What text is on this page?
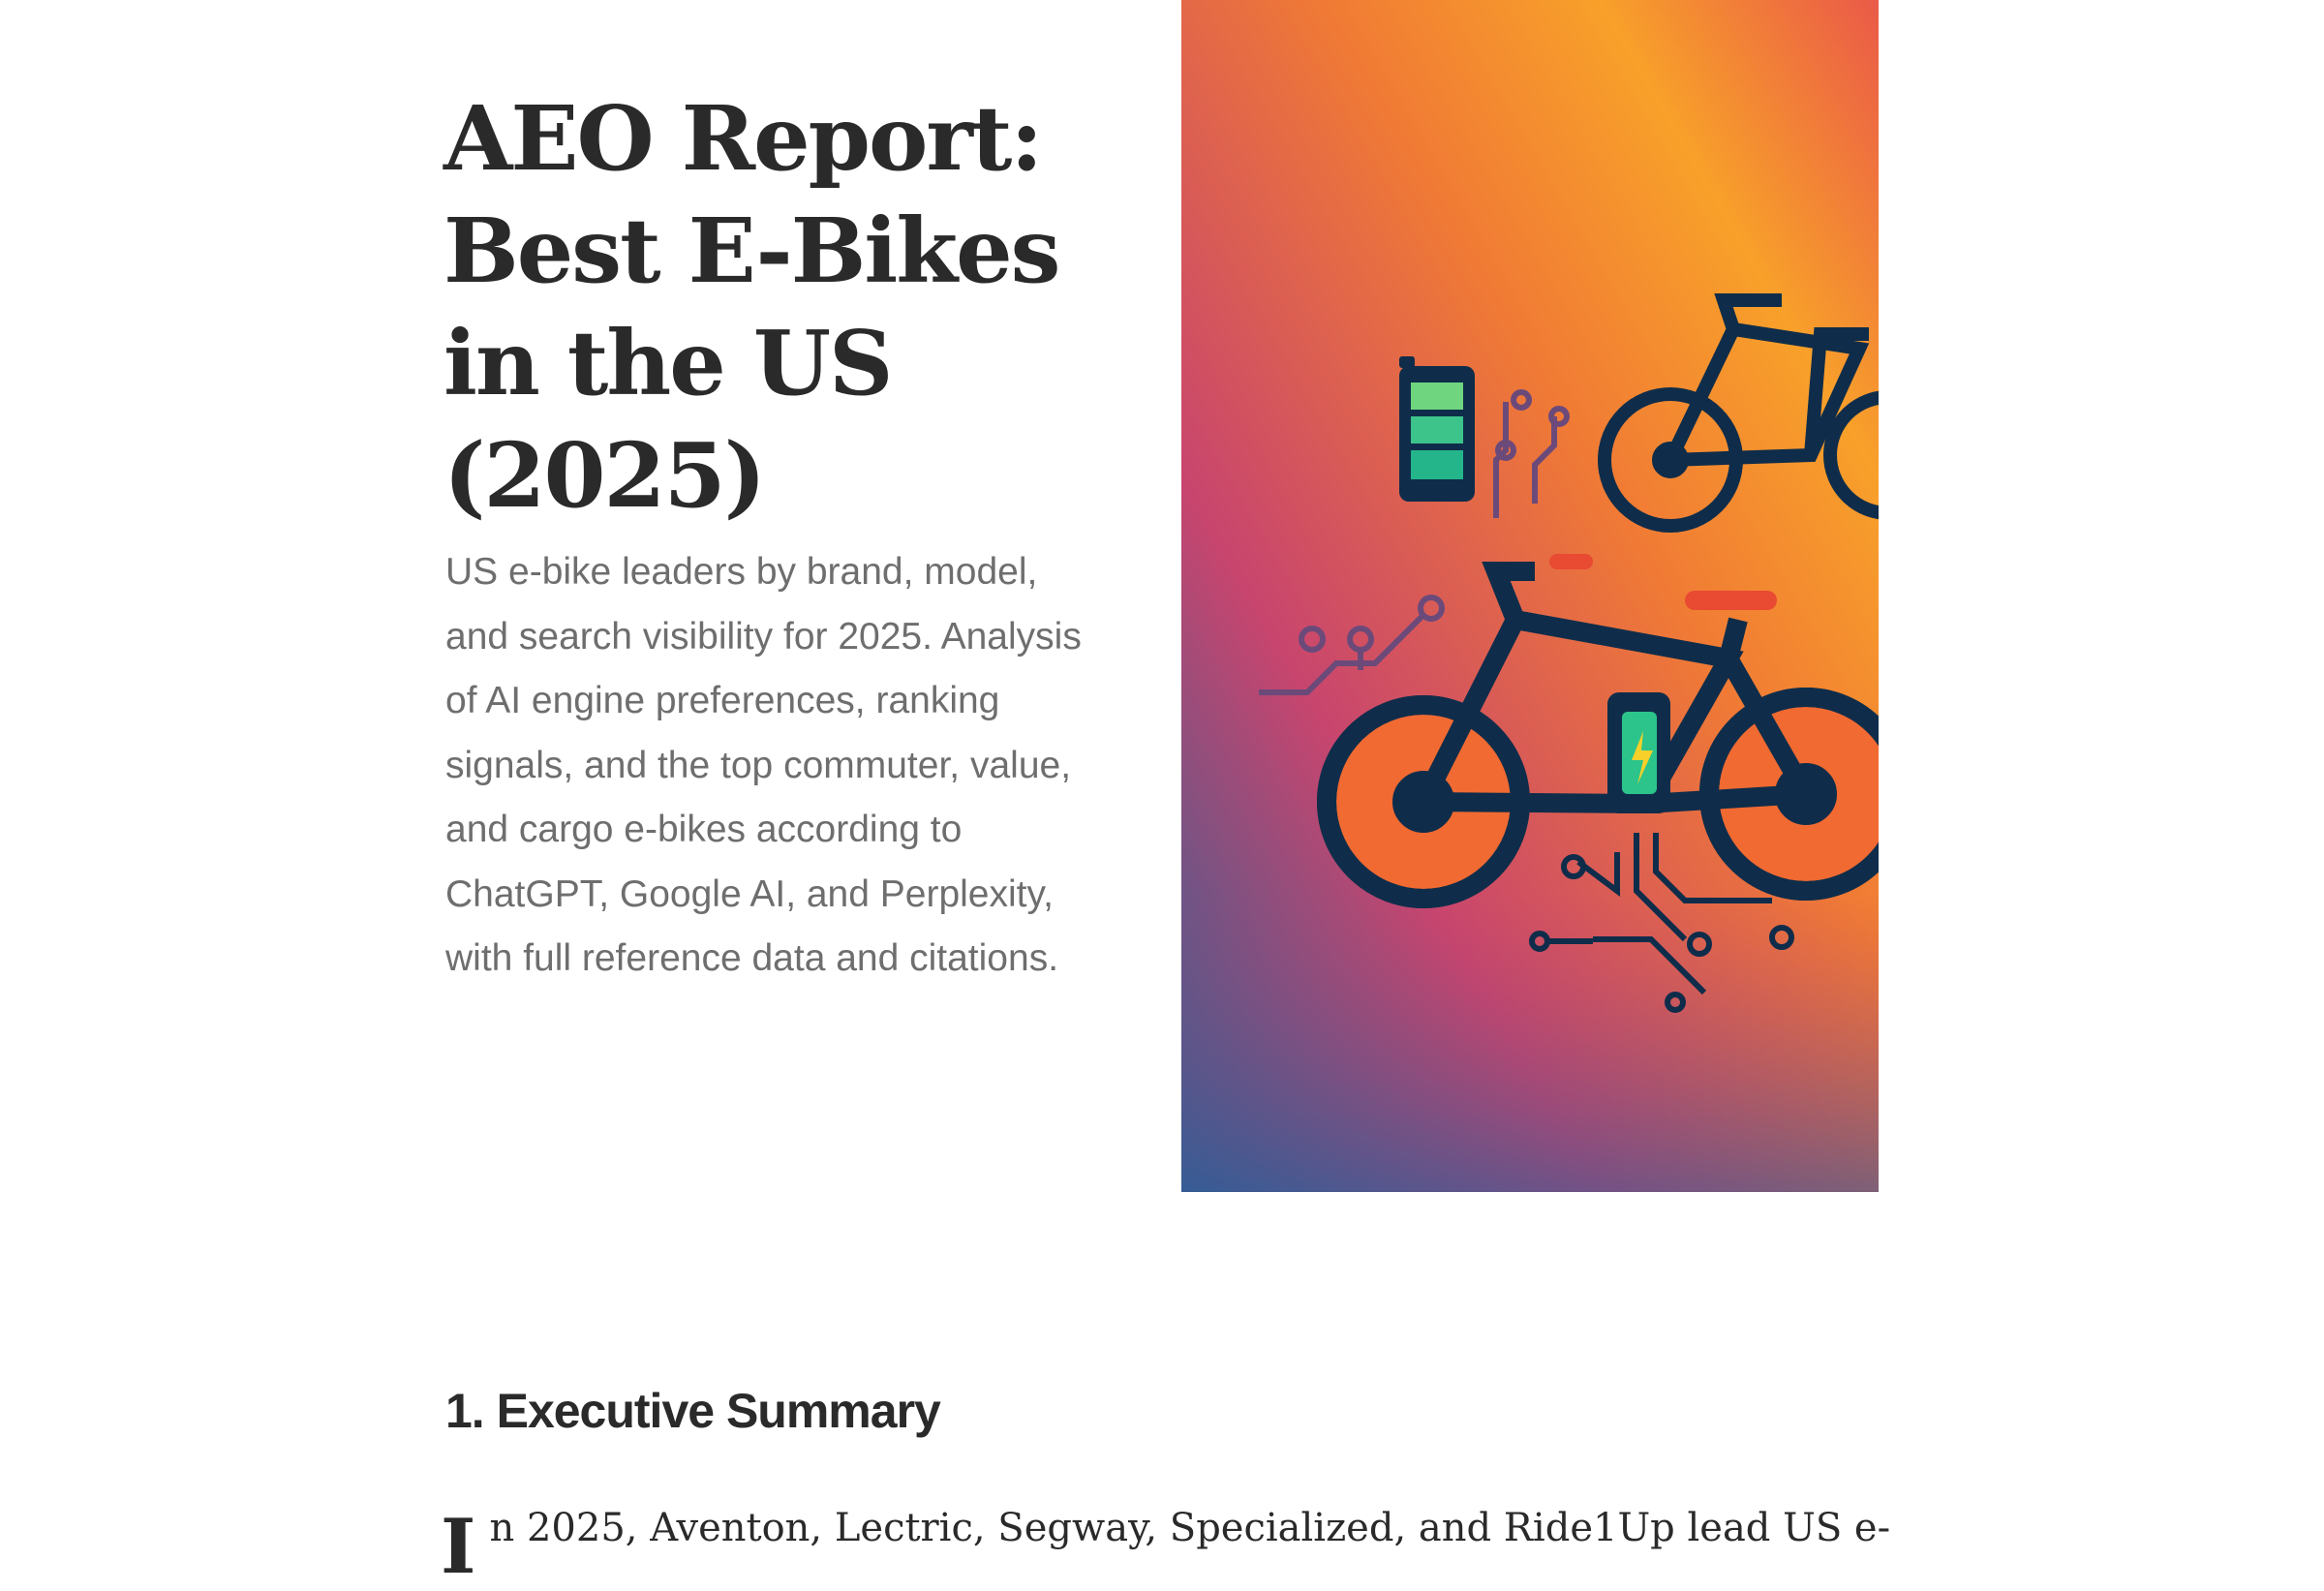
AEO Report: Best E-Bikes in the US (2025)

US e-bike leaders by brand, model, and search visibility for 2025. Analysis of AI engine preferences, ranking signals, and the top commuter, value, and cargo e-bikes according to ChatGPT, Google AI, and Perplexity, with full reference data and citations.

1. Executive Summary

In 2025, Aventon, Lectric, Segway, Specialized, and Ride1Up lead US e-
